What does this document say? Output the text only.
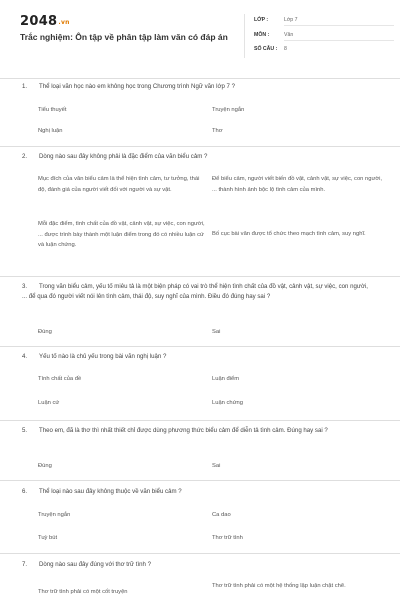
2048.vn
Trắc nghiệm: Ôn tập về phân tập làm văn có đáp án
LỚP :	Lớp 7
MÔN :	Văn
SỐ CÂU :	8
1. Thể loại văn học nào em không học trong Chương trình Ngữ văn lớp 7 ?
Tiểu thuyết	Truyện ngắn
Nghị luận	Thơ
2. Dòng nào sau đây không phải là đặc điểm của văn biểu cảm ?
Mục đích của văn biểu cảm là thể hiện tình cảm, tư tưởng, thái độ, đánh giá của người viết đối với người và sự vật.
Để biểu cảm, người viết biến đồ vật, cảnh vật, sự việc, con người, ... thành hình ảnh bộc lộ tình cảm của mình.
Mỗi đặc điểm, tình chất của đồ vật, cảnh vật, sự việc, con người, ... được trình bày thành một luận điểm trong đó có nhiều luận cứ và luận chứng.
Bố cục bài văn được tổ chức theo mạch tình cảm, suy nghĩ.
3. Trong văn biểu cảm, yếu tố miêu tả là một biện pháp có vai trò thể hiện tình chất của đồ vật, cảnh vật, sự việc, con người, ... để qua đó người viết nói lên tình cảm, thái độ, suy nghĩ của mình. Điều đó đúng hay sai ?
Đúng	Sai
4. Yếu tố nào là chủ yếu trong bài văn nghị luận ?
Tính chất của đề	Luận điểm
Luận cứ	Luận chứng
5. Theo em, đã là thơ thì nhất thiết chỉ được dùng phương thức biểu cảm để diễn tả tình cảm. Đúng hay sai ?
Đúng	Sai
6. Thể loại nào sau đây không thuộc về văn biểu cảm ?
Truyện ngắn	Ca dao
Tuỳ bút	Thơ trữ tình
7. Dòng nào sau đây đúng với thơ trữ tình ?
Thơ trữ tình phải có một cốt truyện
Thơ trữ tình phải có một hệ thống lập luận chặt chẽ.
